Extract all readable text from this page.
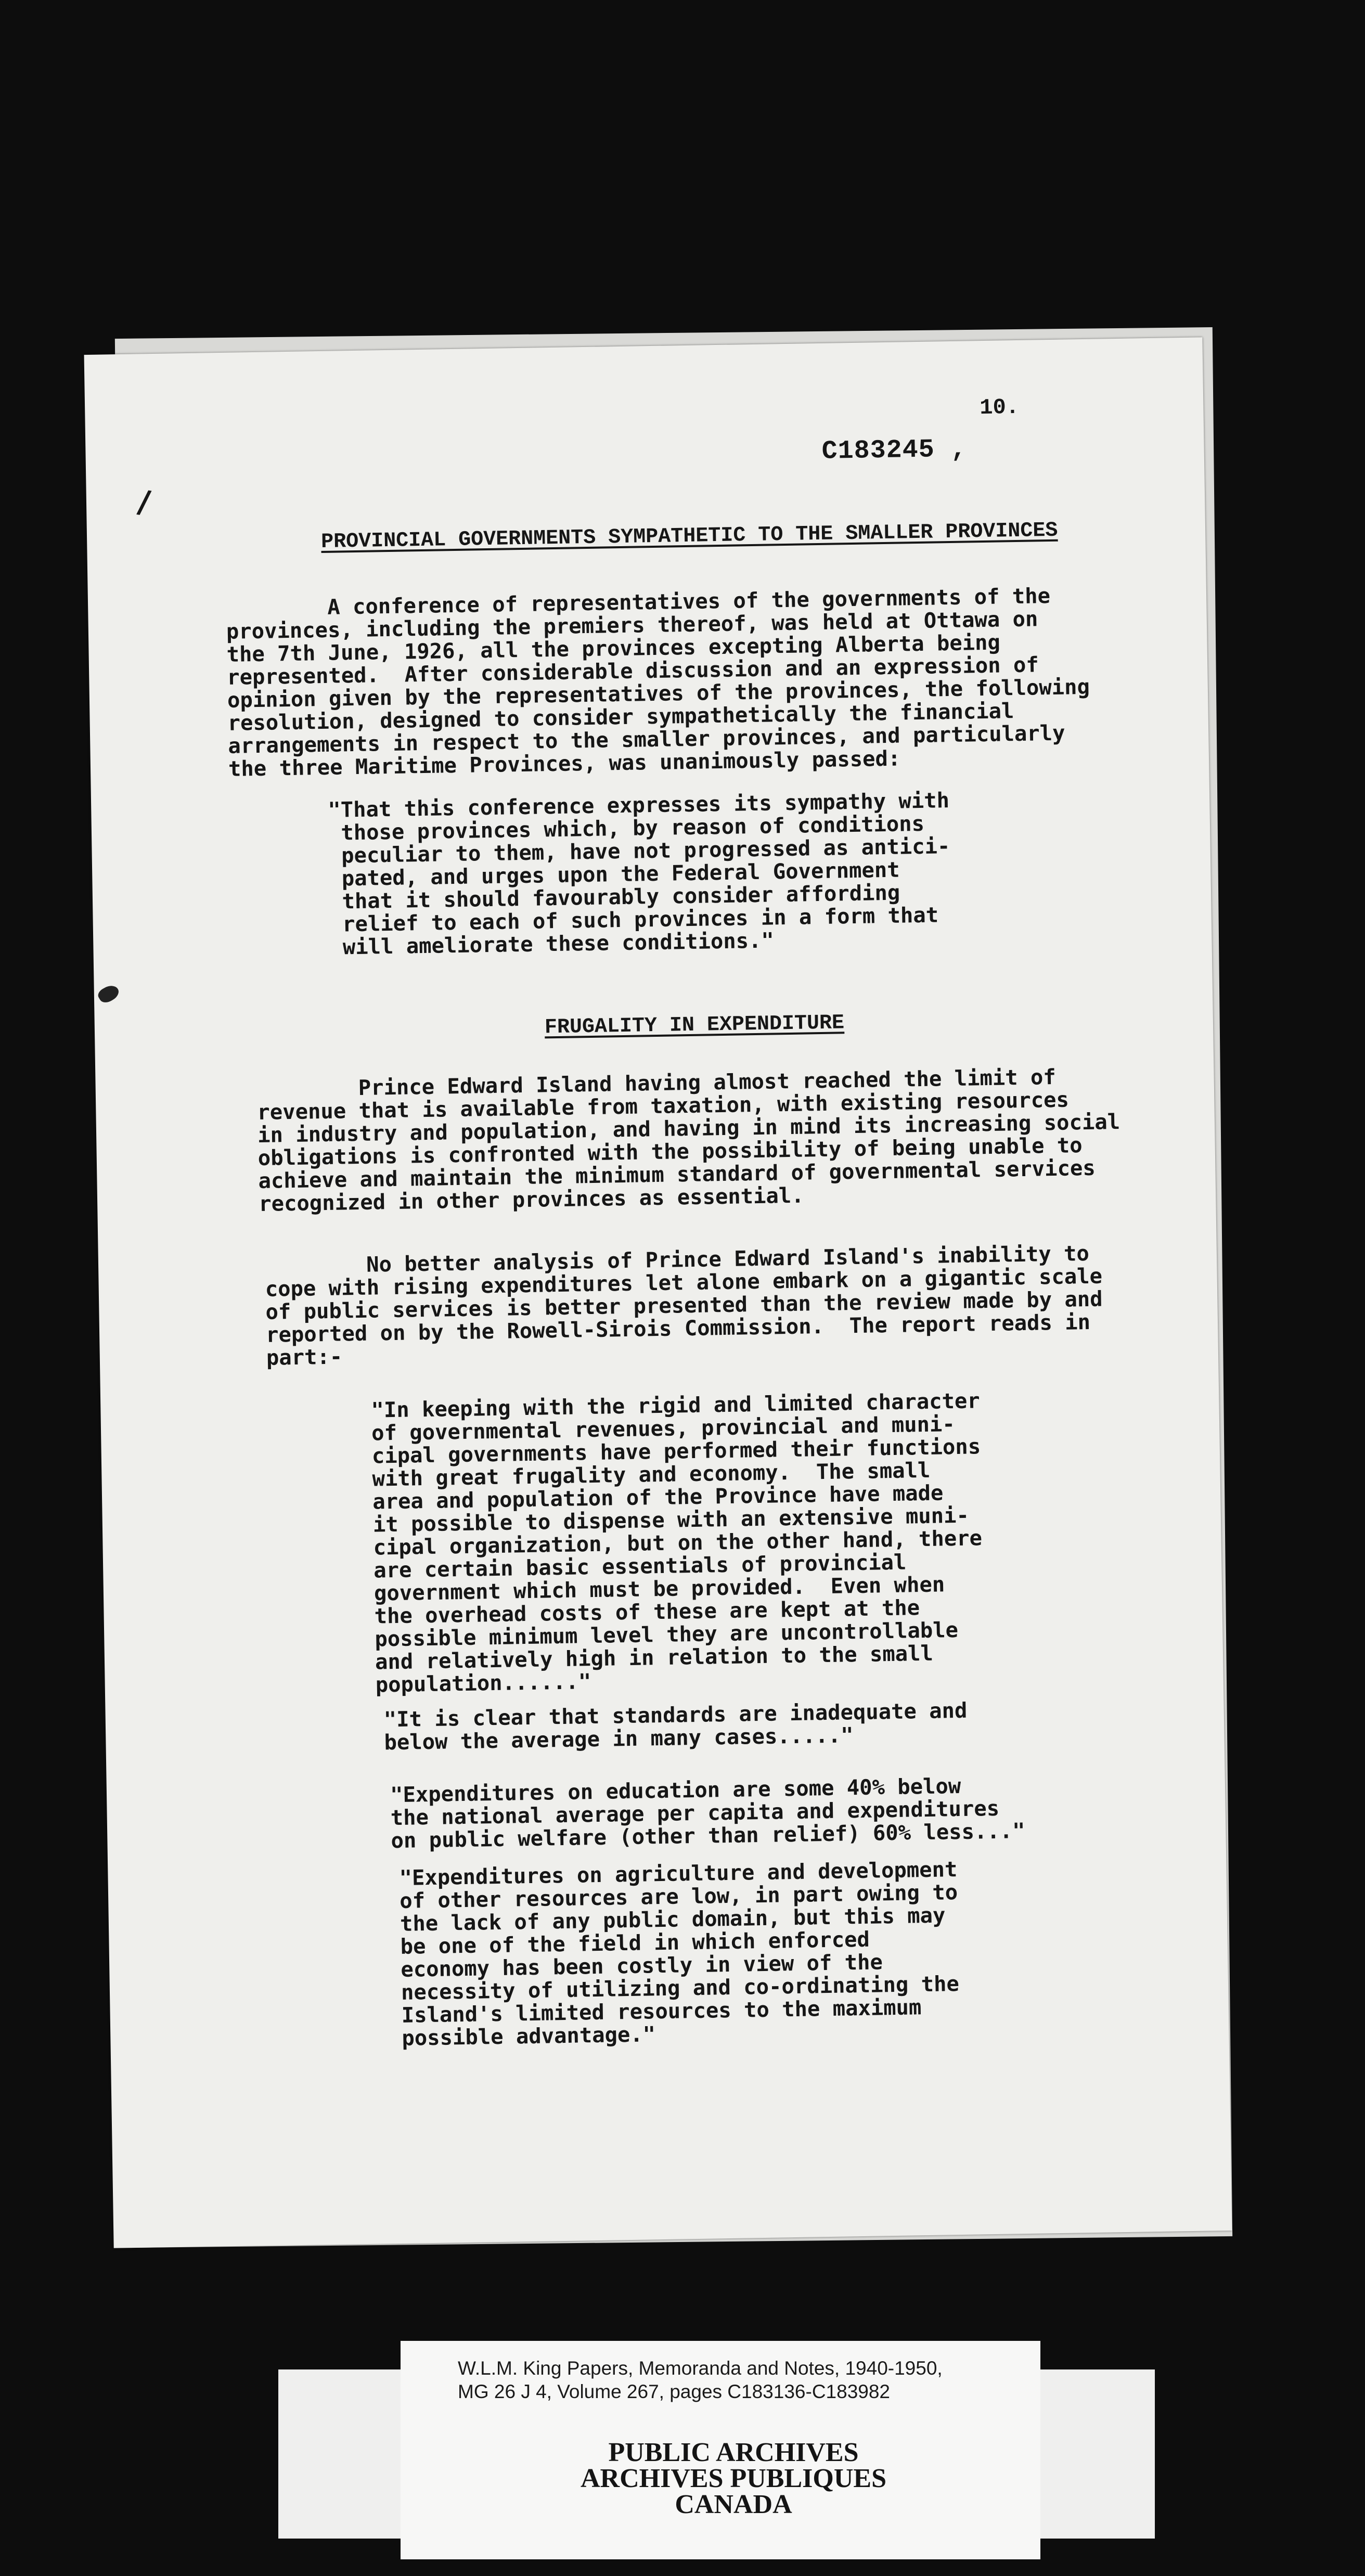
/
10.
C183245 ,
PROVINCIAL GOVERNMENTS SYMPATHETIC TO THE SMALLER PROVINCES
A conference of representatives of the governments of the
provinces, including the premiers thereof, was held at Ottawa on
the 7th June, 1926, all the provinces excepting Alberta being
represented.  After considerable discussion and an expression of
opinion given by the representatives of the provinces, the following
resolution, designed to consider sympathetically the financial
arrangements in respect to the smaller provinces, and particularly
the three Maritime Provinces, was unanimously passed:
"That this conference expresses its sympathy with
those provinces which, by reason of conditions
peculiar to them, have not progressed as antici-
pated, and urges upon the Federal Government
that it should favourably consider affording
relief to each of such provinces in a form that
will ameliorate these conditions."
FRUGALITY IN EXPENDITURE
Prince Edward Island having almost reached the limit of
revenue that is available from taxation, with existing resources
in industry and population, and having in mind its increasing social
obligations is confronted with the possibility of being unable to
achieve and maintain the minimum standard of governmental services
recognized in other provinces as essential.
No better analysis of Prince Edward Island's inability to
cope with rising expenditures let alone embark on a gigantic scale
of public services is better presented than the review made by and
reported on by the Rowell-Sirois Commission.  The report reads in
part:-
"In keeping with the rigid and limited character
of governmental revenues, provincial and muni-
cipal governments have performed their functions
with great frugality and economy.  The small
area and population of the Province have made
it possible to dispense with an extensive muni-
cipal organization, but on the other hand, there
are certain basic essentials of provincial
government which must be provided.  Even when
the overhead costs of these are kept at the
possible minimum level they are uncontrollable
and relatively high in relation to the small
population......"
"It is clear that standards are inadequate and
below the average in many cases....."
"Expenditures on education are some 40% below
the national average per capita and expenditures
on public welfare (other than relief) 60% less..."
"Expenditures on agriculture and development
of other resources are low, in part owing to
the lack of any public domain, but this may
be one of the field in which enforced
economy has been costly in view of the
necessity of utilizing and co-ordinating the
Island's limited resources to the maximum
possible advantage."
W.L.M. King Papers, Memoranda and Notes, 1940-1950,
MG 26 J 4, Volume 267, pages C183136-C183982
PUBLIC ARCHIVES
ARCHIVES PUBLIQUES
CANADA
